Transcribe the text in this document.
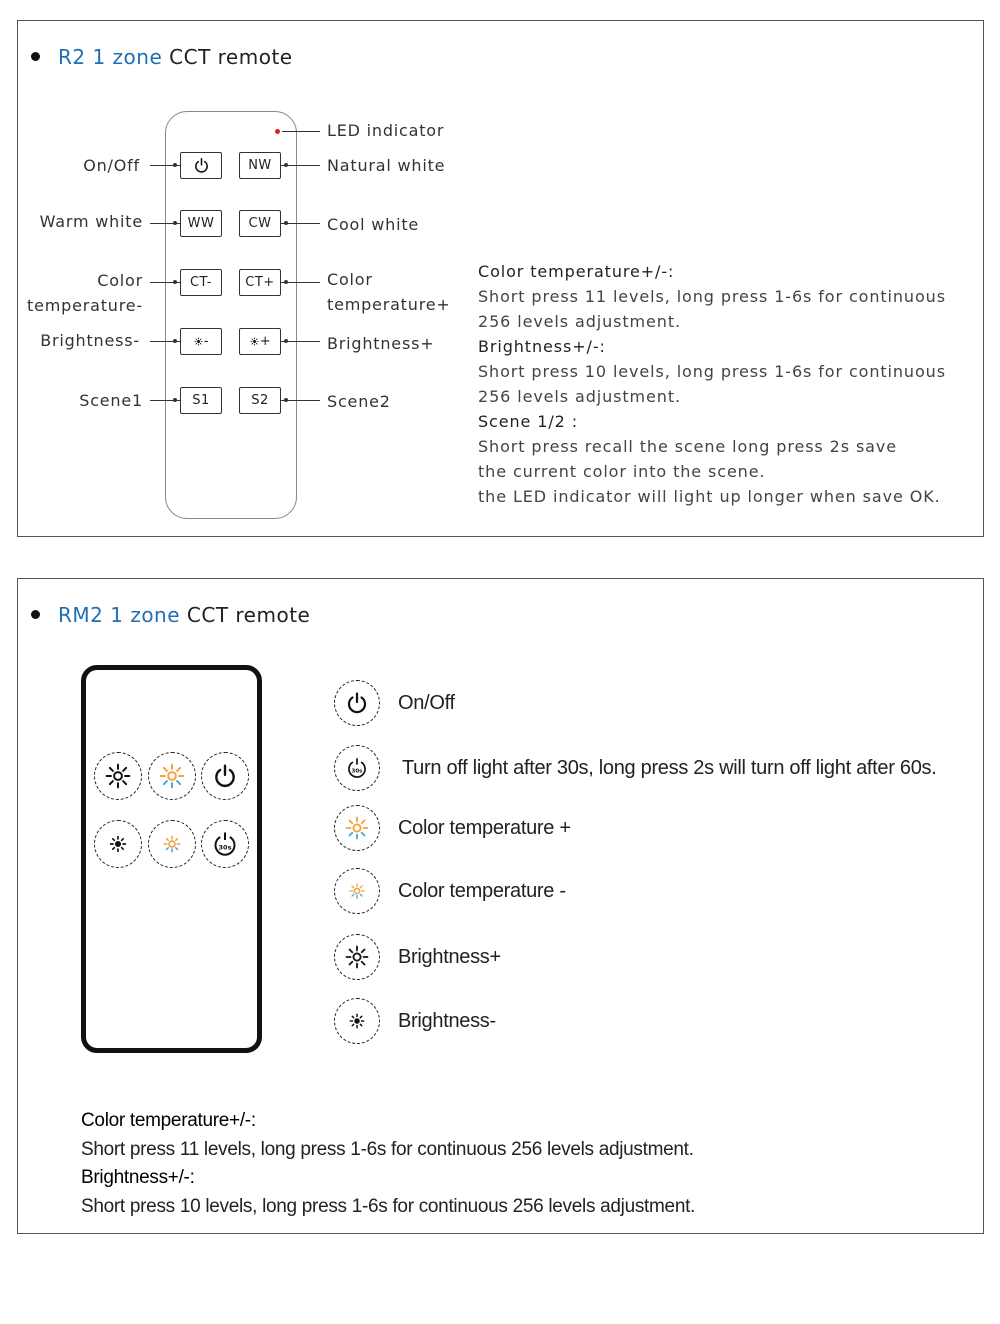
R2 1 zone CCT remote
LED indicator
NW
On/Off	Natural white
WW	CW
Warm white	Cool white
CT-	CT+
Color
temperature-
Color
temperature+
-	+
Brightness-	Brightness+
S1	S2
Scene1	Scene2
Color temperature+/-:
Short press 11 levels, long press 1-6s for continuous
256 levels adjustment.
Brightness+/-:
Short press 10 levels, long press 1-6s for continuous
256 levels adjustment.
Scene 1/2 :
Short press recall the scene long press 2s save
the current color into the scene.
the LED indicator will light up longer when save OK.
RM2 1 zone CCT remote
30s
On/Off
30s Turn off light after 30s, long press 2s will turn off light after 60s.
Color temperature +
Color temperature -
Brightness+
Brightness-
Color temperature+/-:
Short press 11 levels, long press 1-6s for continuous 256 levels adjustment.
Brightness+/-:
Short press 10 levels, long press 1-6s for continuous 256 levels adjustment.
